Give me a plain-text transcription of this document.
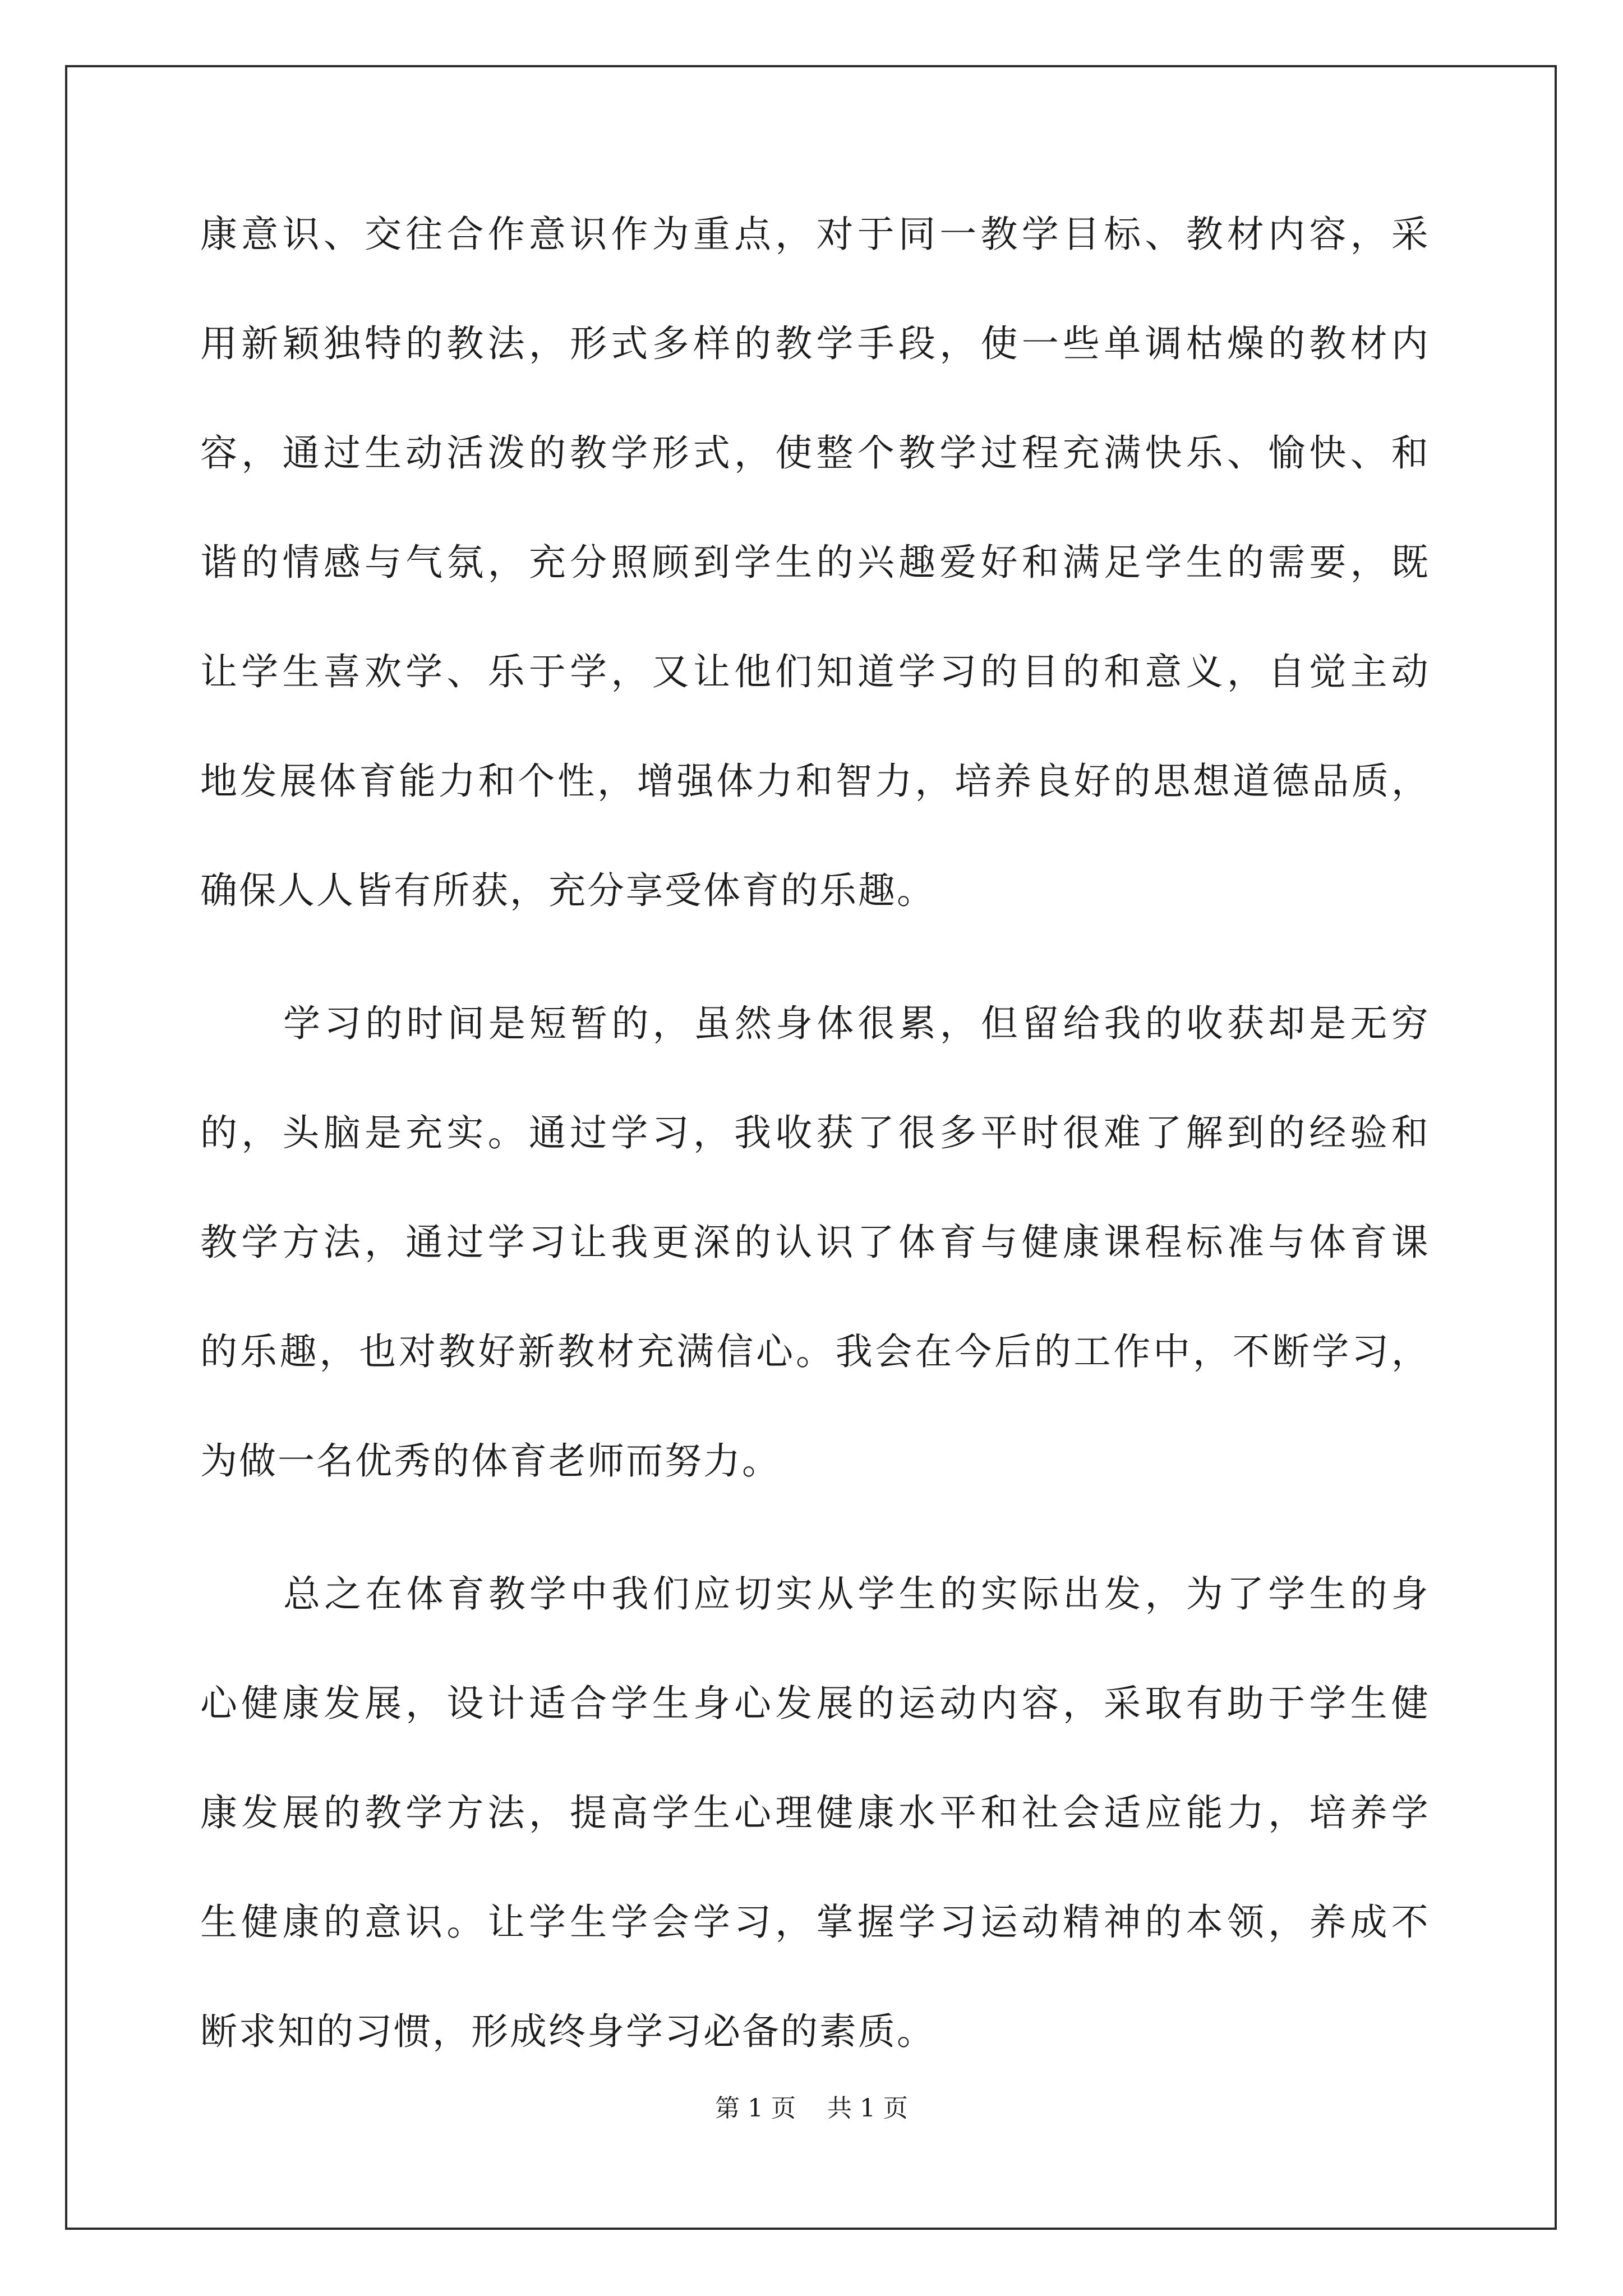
康 意 识 、 交 往 合 作 意 识 作 为 重 点 ， 对 于 同 一 教 学 目 标 、 教 材 内 容 ， 采
用 新 颖 独 特 的 教 法 ， 形 式 多 样 的 教 学 手 段 ， 使 一 些 单 调 枯 燥 的 教 材 内
容 ， 通 过 生 动 活 泼 的 教 学 形 式 ， 使 整 个 教 学 过 程 充 满 快 乐 、 愉 快 、 和
谐 的 情 感 与 气 氛 ， 充 分 照 顾 到 学 生 的 兴 趣 爱 好 和 满 足 学 生 的 需 要 ， 既
让 学 生 喜 欢 学 、 乐 于 学 ， 又 让 他 们 知 道 学 习 的 目 的 和 意 义 ， 自 觉 主 动
地 发 展 体 育 能 力 和 个 性 ， 增 强 体 力 和 智 力 ， 培 养 良 好 的 思 想 道 德 品 质 ，
确保人人皆有所获，充分享受体育的乐趣。
学 习 的 时 间 是 短 暂 的 ， 虽 然 身 体 很 累 ， 但 留 给 我 的 收 获 却 是 无 穷
的 ， 头 脑 是 充 实 。 通 过 学 习 ， 我 收 获 了 很 多 平 时 很 难 了 解 到 的 经 验 和
教 学 方 法 ， 通 过 学 习 让 我 更 深 的 认 识 了 体 育 与 健 康 课 程 标 准 与 体 育 课
的 乐 趣 ， 也 对 教 好 新 教 材 充 满 信 心 。 我 会 在 今 后 的 工 作 中 ， 不 断 学 习 ，
为做一名优秀的体育老师而努力。
总 之 在 体 育 教 学 中 我 们 应 切 实 从 学 生 的 实 际 出 发 ， 为 了 学 生 的 身
心 健 康 发 展 ， 设 计 适 合 学 生 身 心 发 展 的 运 动 内 容 ， 采 取 有 助 于 学 生 健
康 发 展 的 教 学 方 法 ， 提 高 学 生 心 理 健 康 水 平 和 社 会 适 应 能 力 ， 培 养 学
生 健 康 的 意 识 。 让 学 生 学 会 学 习 ， 掌 握 学 习 运 动 精 神 的 本 领 ， 养 成 不
断求知的习惯，形成终身学习必备的素质。
第 1 页    共 1 页
